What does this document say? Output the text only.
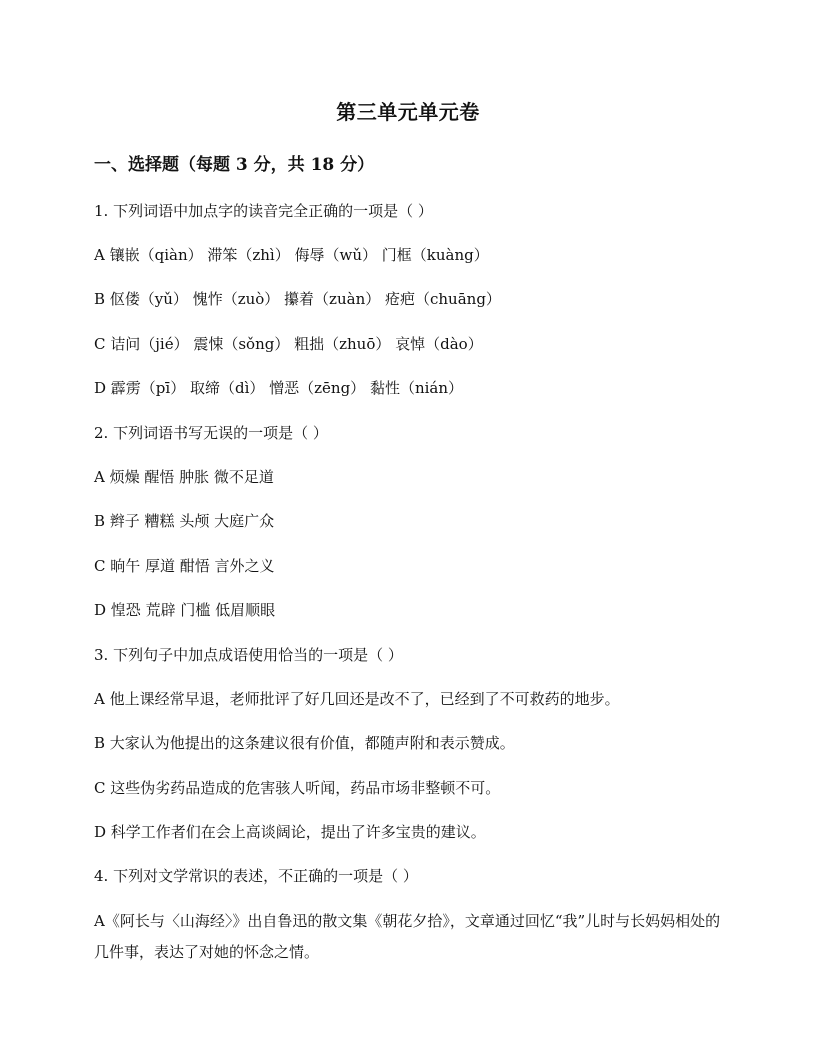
第三单元单元卷
一、选择题（每题 3 分，共 18 分）
1. 下列词语中加点字的读音完全正确的一项是（ ）
A 镶嵌（qiàn） 滞笨（zhì） 侮辱（wǔ） 门框（kuàng）
B 伛偻（yǔ） 愧怍（zuò） 攥着（zuàn） 疮疤（chuāng）
C 诘问（jié） 震悚（sǒng） 粗拙（zhuō） 哀悼（dào）
D 霹雳（pī） 取缔（dì） 憎恶（zēng） 黏性（nián）
2. 下列词语书写无误的一项是（ ）
A 烦燥 醒悟 肿胀 微不足道
B 辫子 糟糕 头颅 大庭广众
C 晌午 厚道 酣悟 言外之义
D 惶恐 荒辟 门槛 低眉顺眼
3. 下列句子中加点成语使用恰当的一项是（ ）
A 他上课经常早退，老师批评了好几回还是改不了，已经到了不可救药的地步。
B 大家认为他提出的这条建议很有价值，都随声附和表示赞成。
C 这些伪劣药品造成的危害骇人听闻，药品市场非整顿不可。
D 科学工作者们在会上高谈阔论，提出了许多宝贵的建议。
4. 下列对文学常识的表述，不正确的一项是（ ）
A《阿长与〈山海经〉》出自鲁迅的散文集《朝花夕拾》，文章通过回忆“我”儿时与长妈妈相处的几件事，表达了对她的怀念之情。
